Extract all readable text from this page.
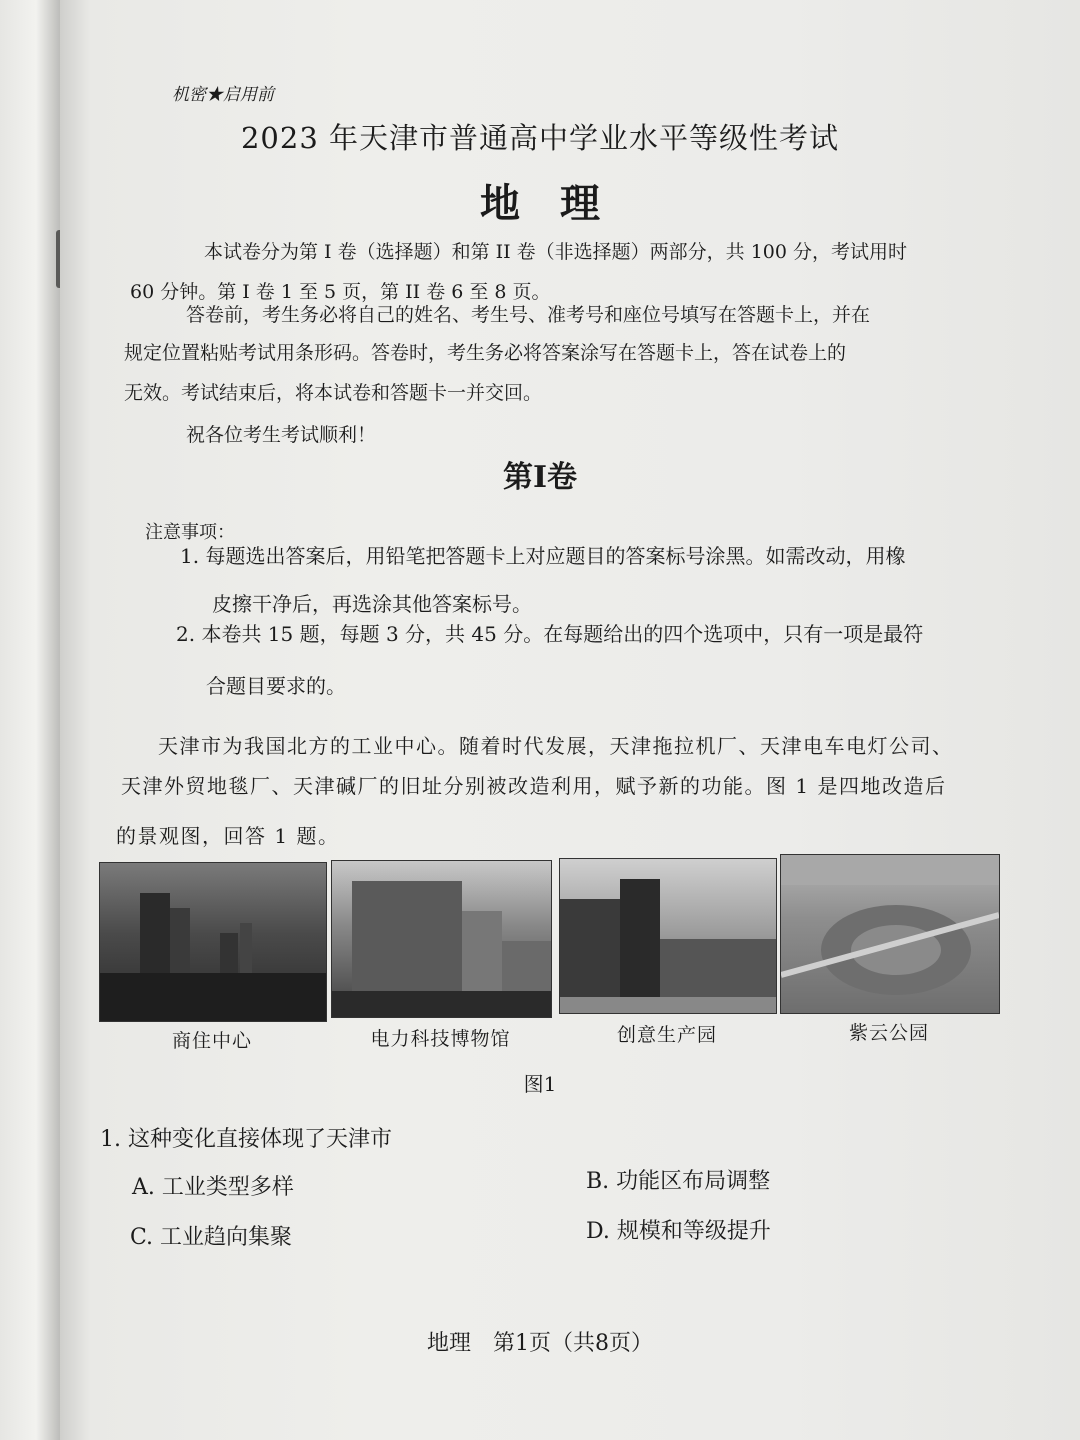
机密★启用前
2023 年天津市普通高中学业水平等级性考试
地理
本试卷分为第 I 卷（选择题）和第 II 卷（非选择题）两部分，共 100 分，考试用时
60 分钟。第 I 卷 1 至 5 页，第 II 卷 6 至 8 页。
答卷前，考生务必将自己的姓名、考生号、准考号和座位号填写在答题卡上，并在
规定位置粘贴考试用条形码。答卷时，考生务必将答案涂写在答题卡上，答在试卷上的
无效。考试结束后，将本试卷和答题卡一并交回。
祝各位考生考试顺利！
第I卷
注意事项：
1. 每题选出答案后，用铅笔把答题卡上对应题目的答案标号涂黑。如需改动，用橡
皮擦干净后，再选涂其他答案标号。
2. 本卷共 15 题，每题 3 分，共 45 分。在每题给出的四个选项中，只有一项是最符
合题目要求的。
天津市为我国北方的工业中心。随着时代发展，天津拖拉机厂、天津电车电灯公司、
天津外贸地毯厂、天津碱厂的旧址分别被改造利用，赋予新的功能。图 1 是四地改造后
的景观图，回答 1 题。
商住中心	电力科技博物馆	创意生产园	紫云公园
图1
1. 这种变化直接体现了天津市
A. 工业类型多样	B. 功能区布局调整
C. 工业趋向集聚	D. 规模和等级提升
地理　第1页（共8页）
